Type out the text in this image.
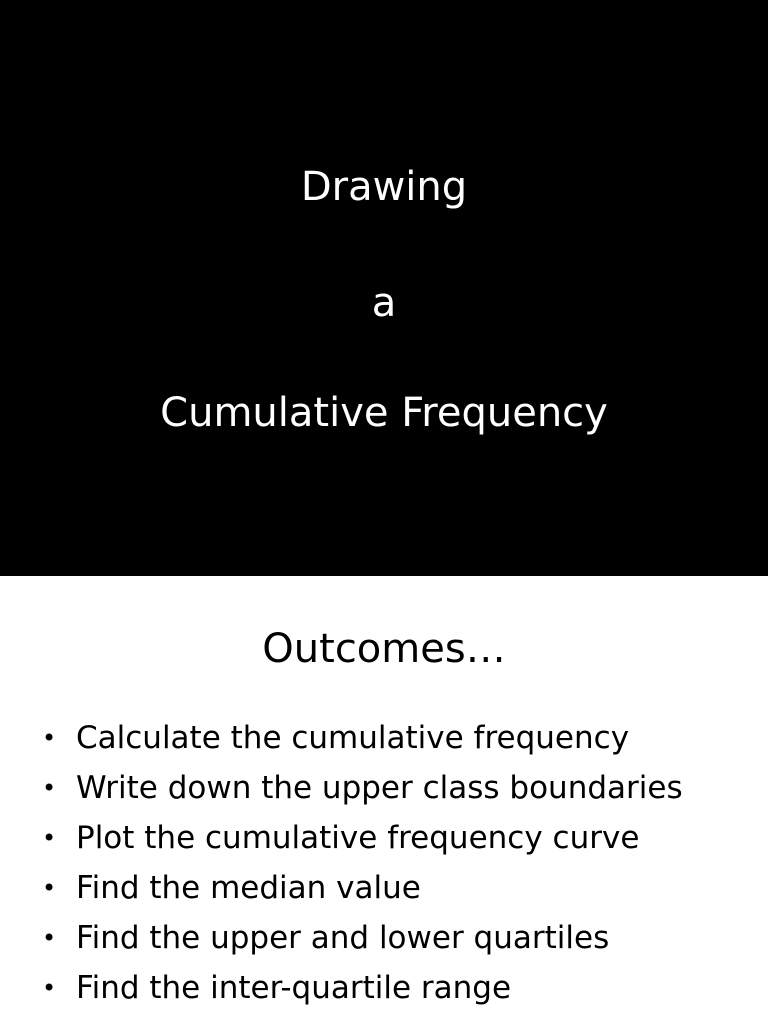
Drawing
a
Cumulative Frequency
Outcomes…
• Calculate the cumulative frequency
• Write down the upper class boundaries
• Plot the cumulative frequency curve
• Find the median value
• Find the upper and lower quartiles
• Find the inter-quartile range
